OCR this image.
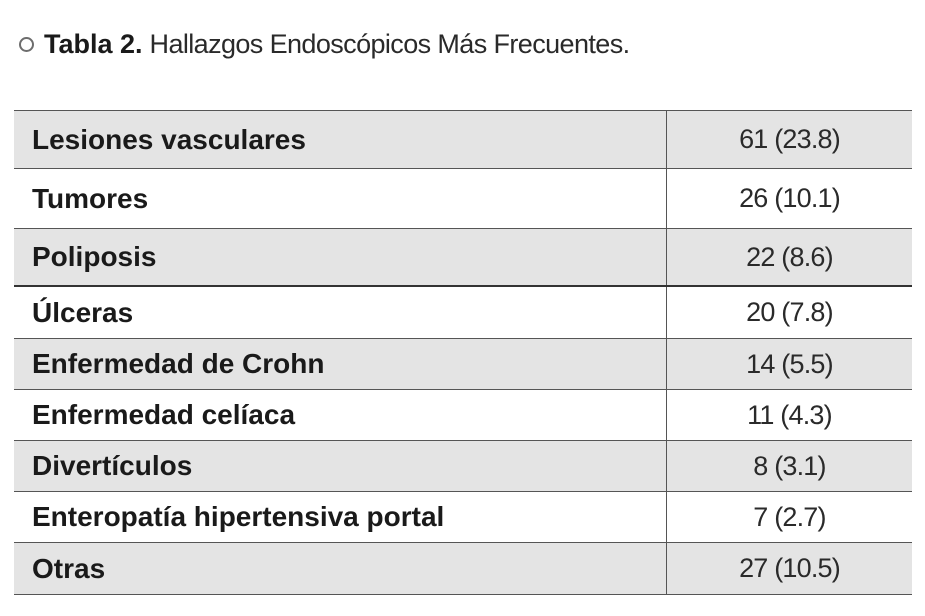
Tabla 2. Hallazgos Endoscópicos Más Frecuentes.
Lesiones vasculares	61 (23.8)
Tumores	26 (10.1)
Poliposis	22 (8.6)
Úlceras	20 (7.8)
Enfermedad de Crohn	14 (5.5)
Enfermedad celíaca	11 (4.3)
Divertículos	8 (3.1)
Enteropatía hipertensiva portal	7 (2.7)
Otras	27 (10.5)
